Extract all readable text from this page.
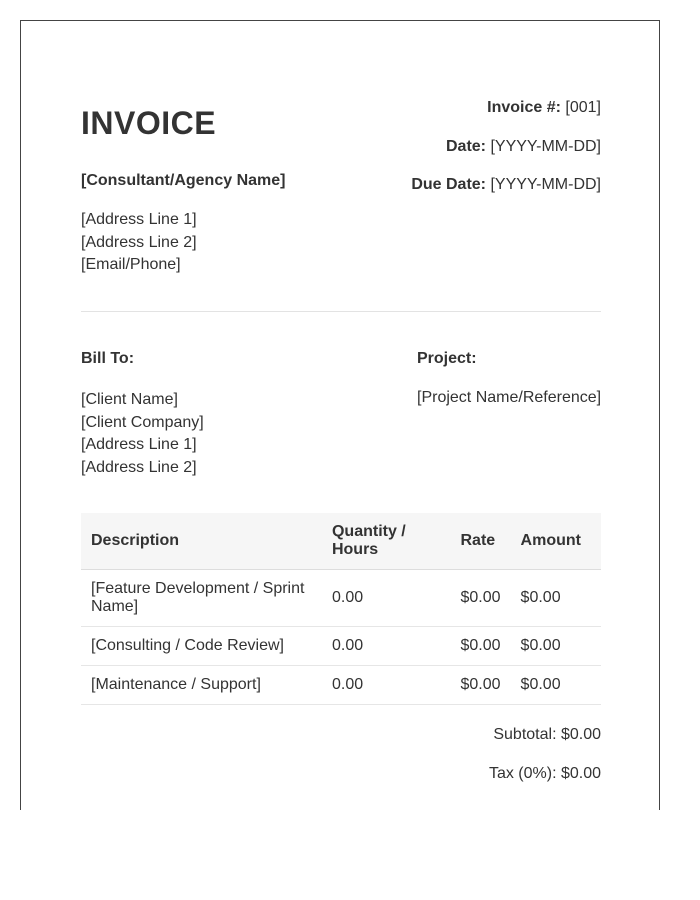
INVOICE
[Consultant/Agency Name]
[Address Line 1]
[Address Line 2]
[Email/Phone]
Invoice #: [001]
Date: [YYYY-MM-DD]
Due Date: [YYYY-MM-DD]
Bill To:
[Client Name]
[Client Company]
[Address Line 1]
[Address Line 2]
Project:
[Project Name/Reference]
Description	Quantity / Hours	Rate	Amount
[Feature Development / Sprint Name]	0.00	$0.00	$0.00
[Consulting / Code Review]	0.00	$0.00	$0.00
[Maintenance / Support]	0.00	$0.00	$0.00
Subtotal: $0.00
Tax (0%): $0.00
